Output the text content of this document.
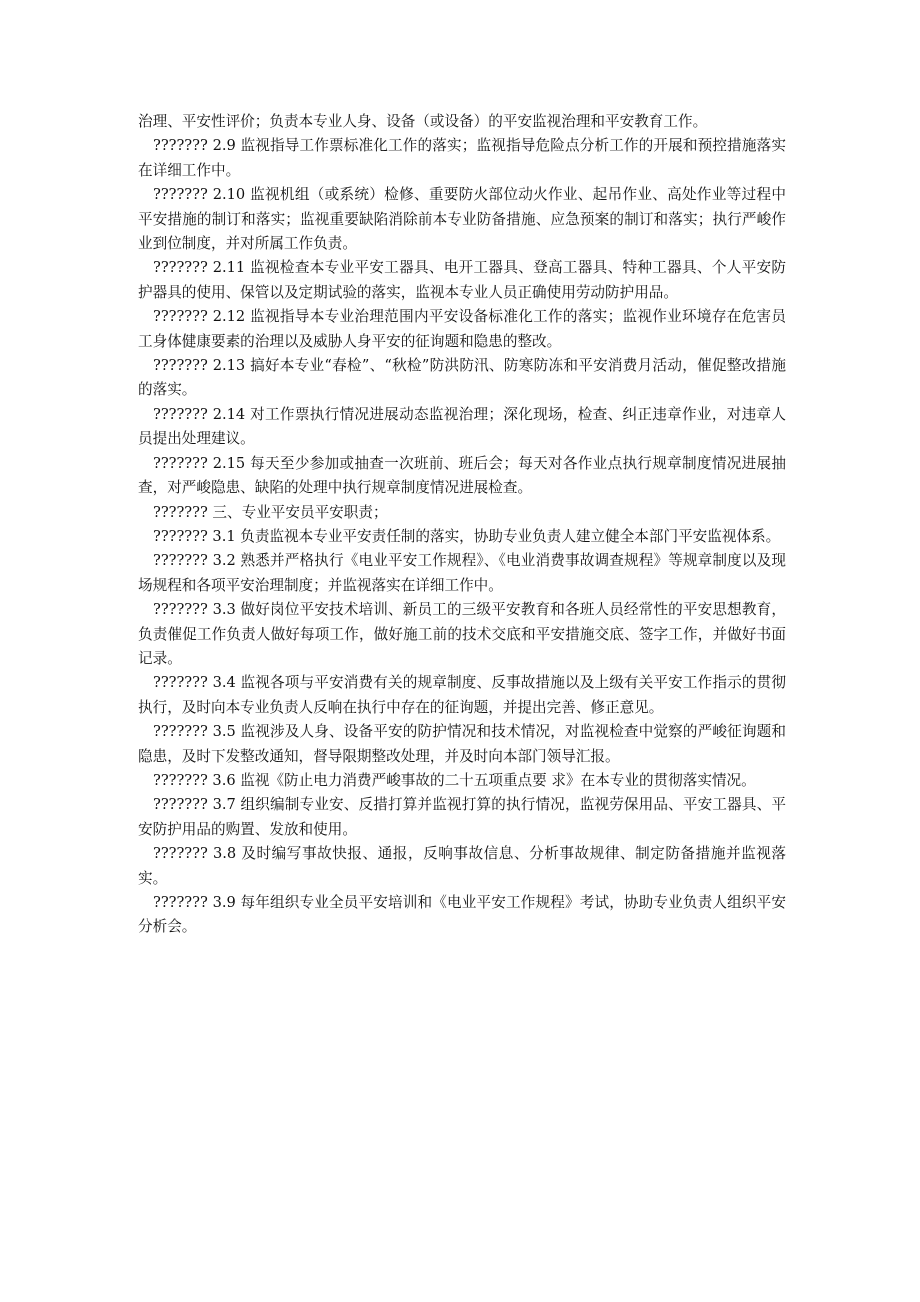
治理、平安性评价；负责本专业人身、设备（或设备）的平安监视治理和平安教育工作。

??????? 2.9 监视指导工作票标准化工作的落实；监视指导危险点分析工作的开展和预控措施落实在详细工作中。

??????? 2.10 监视机组（或系统）检修、重要防火部位动火作业、起吊作业、高处作业等过程中平安措施的制订和落实；监视重要缺陷消除前本专业防备措施、应急预案的制订和落实；执行严峻作业到位制度，并对所属工作负责。

??????? 2.11 监视检查本专业平安工器具、电开工器具、登高工器具、特种工器具、个人平安防护器具的使用、保管以及定期试验的落实，监视本专业人员正确使用劳动防护用品。

??????? 2.12 监视指导本专业治理范围内平安设备标准化工作的落实；监视作业环境存在危害员工身体健康要素的治理以及威胁人身平安的征询题和隐患的整改。

??????? 2.13 搞好本专业“春检”、“秋检”防洪防汛、防寒防冻和平安消费月活动，催促整改措施的落实。

??????? 2.14 对工作票执行情况进展动态监视治理；深化现场，检查、纠正违章作业，对违章人员提出处理建议。

??????? 2.15 每天至少参加或抽查一次班前、班后会；每天对各作业点执行规章制度情况进展抽查，对严峻隐患、缺陷的处理中执行规章制度情况进展检查。

??????? 三、专业平安员平安职责；

??????? 3.1 负责监视本专业平安责任制的落实，协助专业负责人建立健全本部门平安监视体系。

??????? 3.2 熟悉并严格执行《电业平安工作规程》、《电业消费事故调查规程》等规章制度以及现场规程和各项平安治理制度；并监视落实在详细工作中。

??????? 3.3 做好岗位平安技术培训、新员工的三级平安教育和各班人员经常性的平安思想教育，负责催促工作负责人做好每项工作，做好施工前的技术交底和平安措施交底、签字工作，并做好书面记录。

??????? 3.4 监视各项与平安消费有关的规章制度、反事故措施以及上级有关平安工作指示的贯彻执行，及时向本专业负责人反响在执行中存在的征询题，并提出完善、修正意见。

??????? 3.5 监视涉及人身、设备平安的防护情况和技术情况，对监视检查中觉察的严峻征询题和隐患，及时下发整改通知，督导限期整改处理，并及时向本部门领导汇报。

??????? 3.6 监视《防止电力消费严峻事故的二十五项重点要 求》在本专业的贯彻落实情况。

??????? 3.7 组织编制专业安、反措打算并监视打算的执行情况，监视劳保用品、平安工器具、平安防护用品的购置、发放和使用。

??????? 3.8 及时编写事故快报、通报，反响事故信息、分析事故规律、制定防备措施并监视落实。

??????? 3.9 每年组织专业全员平安培训和《电业平安工作规程》考试，协助专业负责人组织平安分析会。
